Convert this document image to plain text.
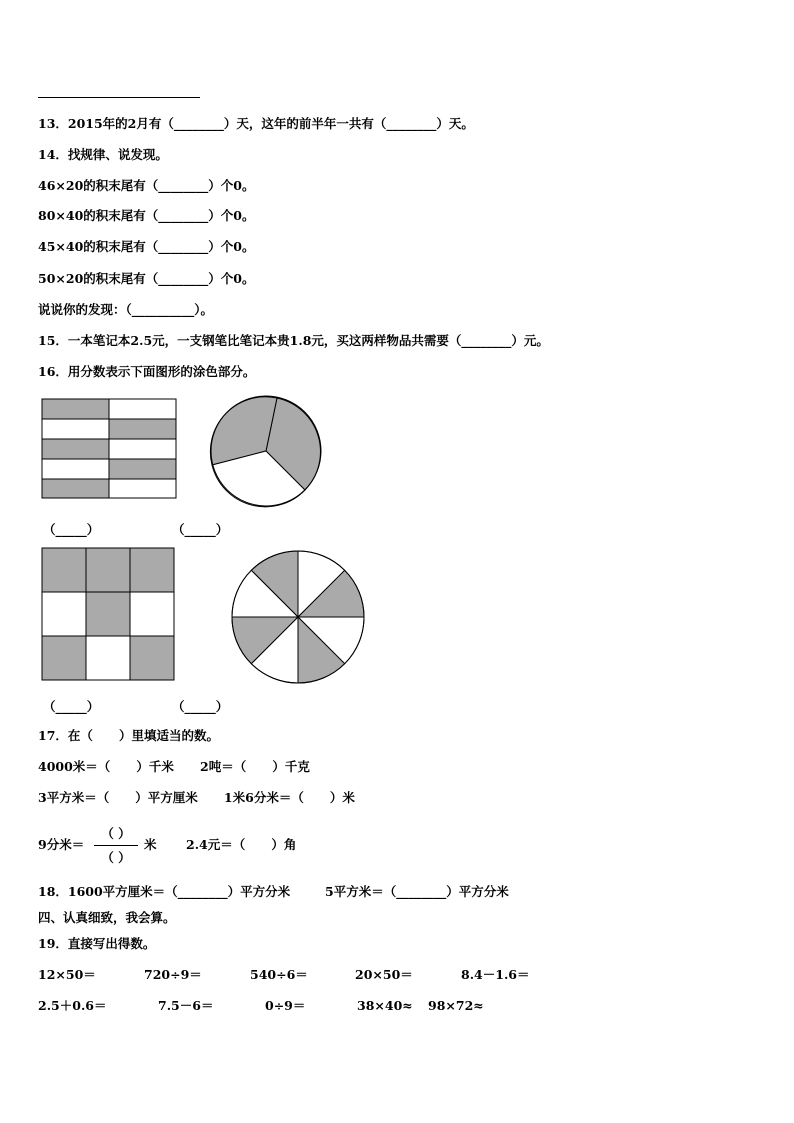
13．2015年的2月有（________）天，这年的前半年一共有（________）天。
14．找规律、说发现。
46×20的积末尾有（________）个0。
80×40的积末尾有（________）个0。
45×40的积末尾有（________）个0。
50×20的积末尾有（________）个0。
说说你的发现：（__________）。
15．一本笔记本2.5元，一支钢笔比笔记本贵1.8元，买这两样物品共需要（________）元。
16．用分数表示下面图形的涂色部分。
（_____）	（_____）
（_____）	（_____）
17．在（      ）里填适当的数。
4000米＝（      ）千米      2吨＝（      ）千克
3平方米＝（      ）平方厘米      1米6分米＝（      ）米
9分米＝
（ ）
（ ）
米 2.4元＝（      ）角
18．1600平方厘米＝（________）平方分米        5平方米＝（________）平方分米
四、认真细致，我会算。
19．直接写出得数。
12×50＝	720÷9＝	540÷6＝	20×50＝	8.4－1.6＝
2.5＋0.6＝	7.5－6＝	0÷9＝	38×40≈ 98×72≈
